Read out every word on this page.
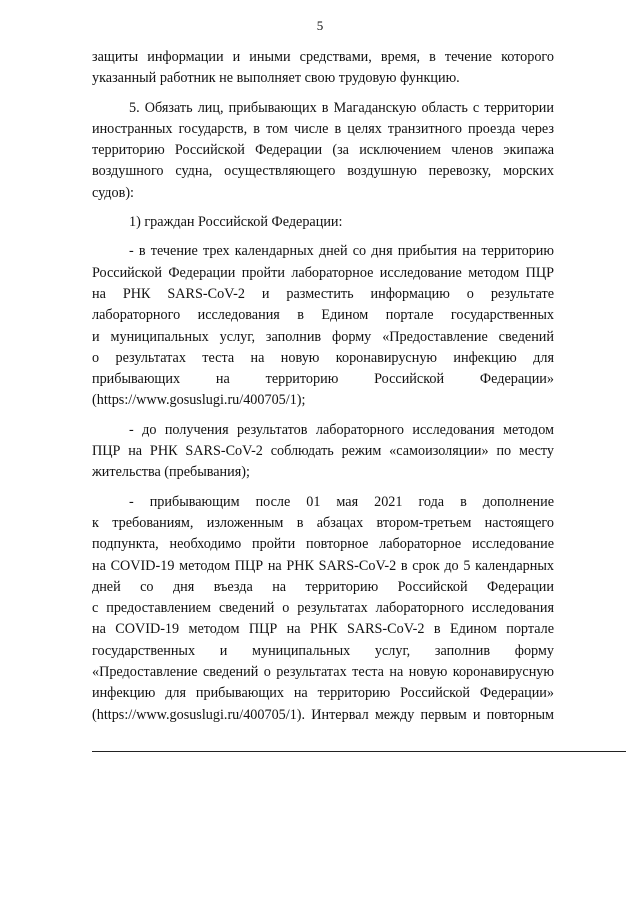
5

защиты информации и иными средствами, время, в течение которого
указанный работник не выполняет свою трудовую функцию.

5. Обязать лиц, прибывающих в Магаданскую область с территории
иностранных государств, в том числе в целях транзитного проезда через
территорию Российской Федерации (за исключением членов экипажа
воздушного судна, осуществляющего воздушную перевозку, морских
судов):

1) граждан Российской Федерации:

- в течение трех календарных дней со дня прибытия на территорию
Российской Федерации пройти лабораторное исследование методом ПЦР
на РНК SARS-CoV-2 и разместить информацию о результате
лабораторного исследования в Едином портале государственных
и муниципальных услуг, заполнив форму «Предоставление сведений
о результатах теста на новую коронавирусную инфекцию для
прибывающих на территорию Российской Федерации»
(https://www.gosuslugi.ru/400705/1);

- до получения результатов лабораторного исследования методом
ПЦР на РНК SARS-CoV-2 соблюдать режим «самоизоляции» по месту
жительства (пребывания);

- прибывающим после 01 мая 2021 года в дополнение
к требованиям, изложенным в абзацах втором-третьем настоящего
подпункта, необходимо пройти повторное лабораторное исследование
на COVID-19 методом ПЦР на РНК SARS-CoV-2 в срок до 5 календарных
дней со дня въезда на территорию Российской Федерации
с предоставлением сведений о результатах лабораторного исследования
на COVID-19 методом ПЦР на РНК SARS-CoV-2 в Едином портале
государственных и муниципальных услуг, заполнив форму
«Предоставление сведений о результатах теста на новую коронавирусную
инфекцию для прибывающих на территорию Российской Федерации»
(https://www.gosuslugi.ru/400705/1). Интервал между первым и повторным
